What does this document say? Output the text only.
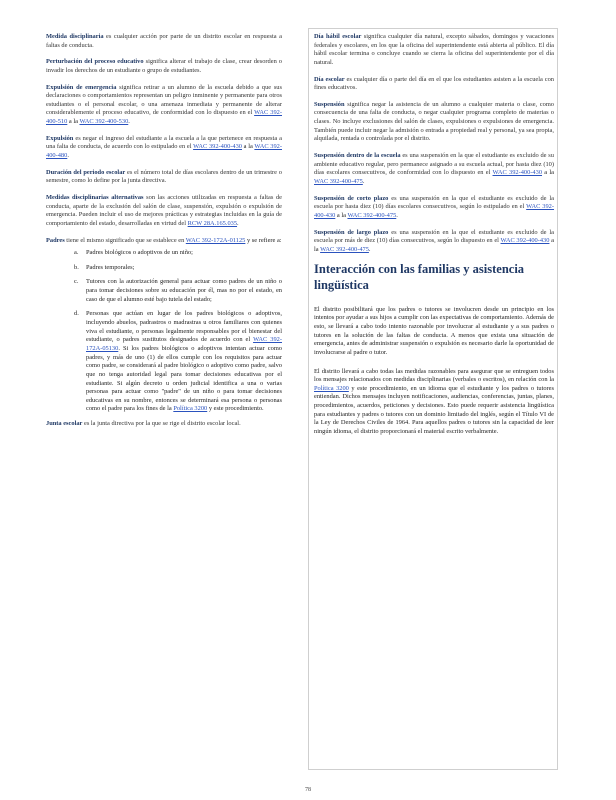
Medida disciplinaria es cualquier acción por parte de un distrito escolar en respuesta a faltas de conducta.

Perturbación del proceso educativo significa alterar el trabajo de clase, crear desorden o invadir los derechos de un estudiante o grupo de estudiantes.

Expulsión de emergencia significa retirar a un alumno de la escuela debido a que sus declaraciones o comportamientos representan un peligro inminente y permanente para otros estudiantes o el personal escolar, o una amenaza inmediata y permanente de alterar considerablemente el proceso educativo, de conformidad con lo dispuesto en el WAC 392-400-510 a la WAC 392-400-530.

Expulsión es negar el ingreso del estudiante a la escuela a la que pertenece en respuesta a una falta de conducta, de acuerdo con lo estipulado en el WAC 392-400-430 a la WAC 392-400-480.

Duración del periodo escolar es el número total de días escolares dentro de un trimestre o semestre, como lo define por la junta directiva.

Medidas disciplinarias alternativas son las acciones utilizadas en respuesta a faltas de conducta, aparte de la exclusión del salón de clase, suspensión, expulsión o expulsión de emergencia. Pueden incluir el uso de mejores prácticas y estrategias incluidas en la guía de comportamiento del estado, desarrolladas en virtud del RCW 28A.165.035.

Padres tiene el mismo significado que se establece en WAC 392-172A-01125 y se refiere a:

a. Padres biológicos o adoptivos de un niño;
b. Padres temporales;
c. Tutores con la autorización general para actuar como padres de un niño o para tomar decisiones sobre su educación por él, mas no por el estado, en caso de que el alumno esté bajo tutela del estado;
d. Personas que actúan en lugar de los padres biológicos o adoptivos, incluyendo abuelos, padrastros o madrastras u otros familiares con quienes viva el estudiante, o personas legalmente responsables por el bienestar del estudiante, o padres sustitutos designados de acuerdo con el WAC 392-172A-05130. Si los padres biológicos o adoptivos intentan actuar como padres, y más de uno (1) de ellos cumple con los requisitos para actuar como padre, se considerará al padre biológico o adoptivo como padre, salvo que no tenga autoridad legal para tomar decisiones educativas por el estudiante. Si algún decreto u orden judicial identifica a una o varias personas para actuar como "padre" de un niño o para tomar decisiones educativas en su nombre, entonces se determinará esa persona o personas como el padre para los fines de la Política 3200 y este procedimiento.

Junta escolar es la junta directiva por la que se rige el distrito escolar local.

Día hábil escolar significa cualquier día natural, excepto sábados, domingos y vacaciones federales y escolares, en los que la oficina del superintendente está abierta al público. El día hábil escolar termina o concluye cuando se cierra la oficina del superintendente por el día natural.

Día escolar es cualquier día o parte del día en el que los estudiantes asisten a la escuela con fines educativos.

Suspensión significa negar la asistencia de un alumno a cualquier materia o clase, como consecuencia de una falta de conducta, o negar cualquier programa completo de materias o clases. No incluye exclusiones del salón de clases, expulsiones o expulsiones de emergencia. También puede incluir negar la admisión o entrada a propiedad real y personal, ya sea propia, alquilada, rentada o controlada por el distrito.

Suspensión dentro de la escuela es una suspensión en la que el estudiante es excluido de su ambiente educativo regular, pero permanece asignado a su escuela actual, por hasta diez (10) días escolares consecutivos, de conformidad con lo dispuesto en el WAC 392-400-430 a la WAC 392-400-475.

Suspensión de corto plazo es una suspensión en la que el estudiante es excluido de la escuela por hasta diez (10) días escolares consecutivos, según lo estipulado en el WAC 392-400-430 a la WAC 392-400-475.

Suspensión de largo plazo es una suspensión en la que el estudiante es excluido de la escuela por más de diez (10) días consecutivos, según lo dispuesto en el WAC 392-400-430 a la WAC 392-400-475.

Interacción con las familias y asistencia lingüística

El distrito posibilitará que los padres o tutores se involucren desde un principio en los intentos por ayudar a sus hijos a cumplir con las expectativas de comportamiento. Además de esto, se llevará a cabo todo intento razonable por involucrar al estudiante y a sus padres o tutores en la solución de las faltas de conducta. A menos que exista una situación de emergencia, antes de administrar suspensión o expulsión es necesario darle la oportunidad de involucrarse al padre o tutor.

El distrito llevará a cabo todas las medidas razonables para asegurar que se entreguen todos los mensajes relacionados con medidas disciplinarias (verbales o escritos), en relación con la Política 3200 y este procedimiento, en un idioma que el estudiante y los padres o tutores entiendan. Dichos mensajes incluyen notificaciones, audiencias, conferencias, juntas, planes, procedimientos, acuerdos, peticiones y decisiones. Esto puede requerir asistencia lingüística para estudiantes y padres o tutores con un dominio limitado del inglés, según el Título VI de la Ley de Derechos Civiles de 1964. Para aquellos padres o tutores sin la capacidad de leer ningún idioma, el distrito proporcionará el material escrito verbalmente.

78
